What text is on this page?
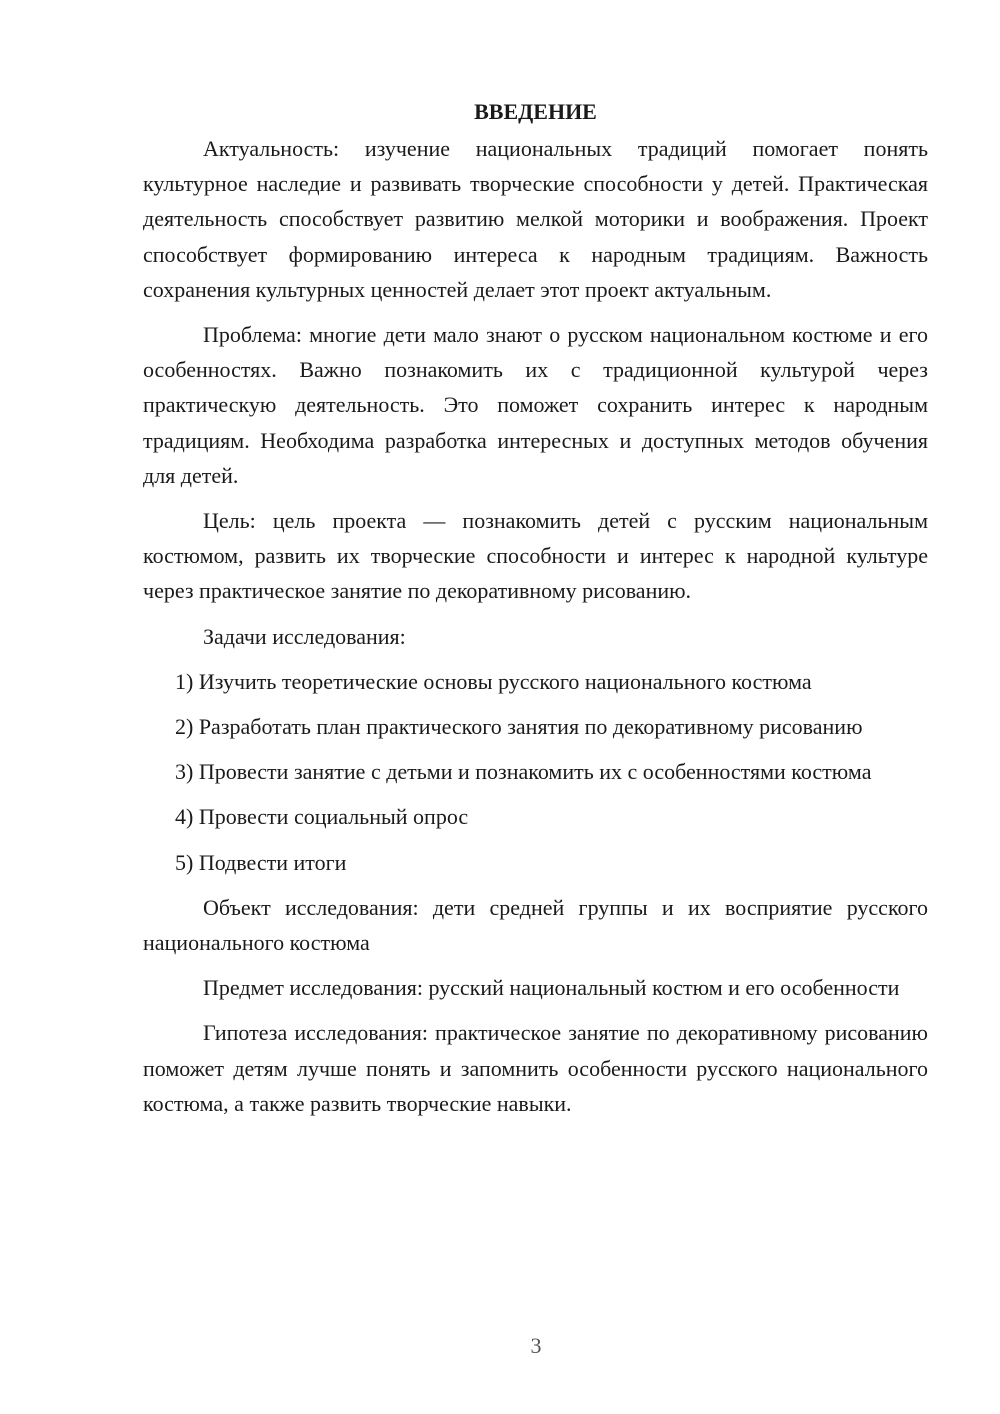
ВВЕДЕНИЕ

Актуальность: изучение национальных традиций помогает понять культурное наследие и развивать творческие способности у детей. Практическая деятельность способствует развитию мелкой моторики и воображения. Проект способствует формированию интереса к народным традициям. Важность сохранения культурных ценностей делает этот проект актуальным.

Проблема: многие дети мало знают о русском национальном костюме и его особенностях. Важно познакомить их с традиционной культурой через практическую деятельность. Это поможет сохранить интерес к народным традициям. Необходима разработка интересных и доступных методов обучения для детей.

Цель: цель проекта — познакомить детей с русским национальным костюмом, развить их творческие способности и интерес к народной культуре через практическое занятие по декоративному рисованию.

Задачи исследования:

1) Изучить теоретические основы русского национального костюма

2) Разработать план практического занятия по декоративному рисованию

3) Провести занятие с детьми и познакомить их с особенностями костюма

4) Провести социальный опрос

5) Подвести итоги

Объект исследования: дети средней группы и их восприятие русского национального костюма

Предмет исследования: русский национальный костюм и его особенности

Гипотеза исследования: практическое занятие по декоративному рисованию поможет детям лучше понять и запомнить особенности русского национального костюма, а также развить творческие навыки.

3
